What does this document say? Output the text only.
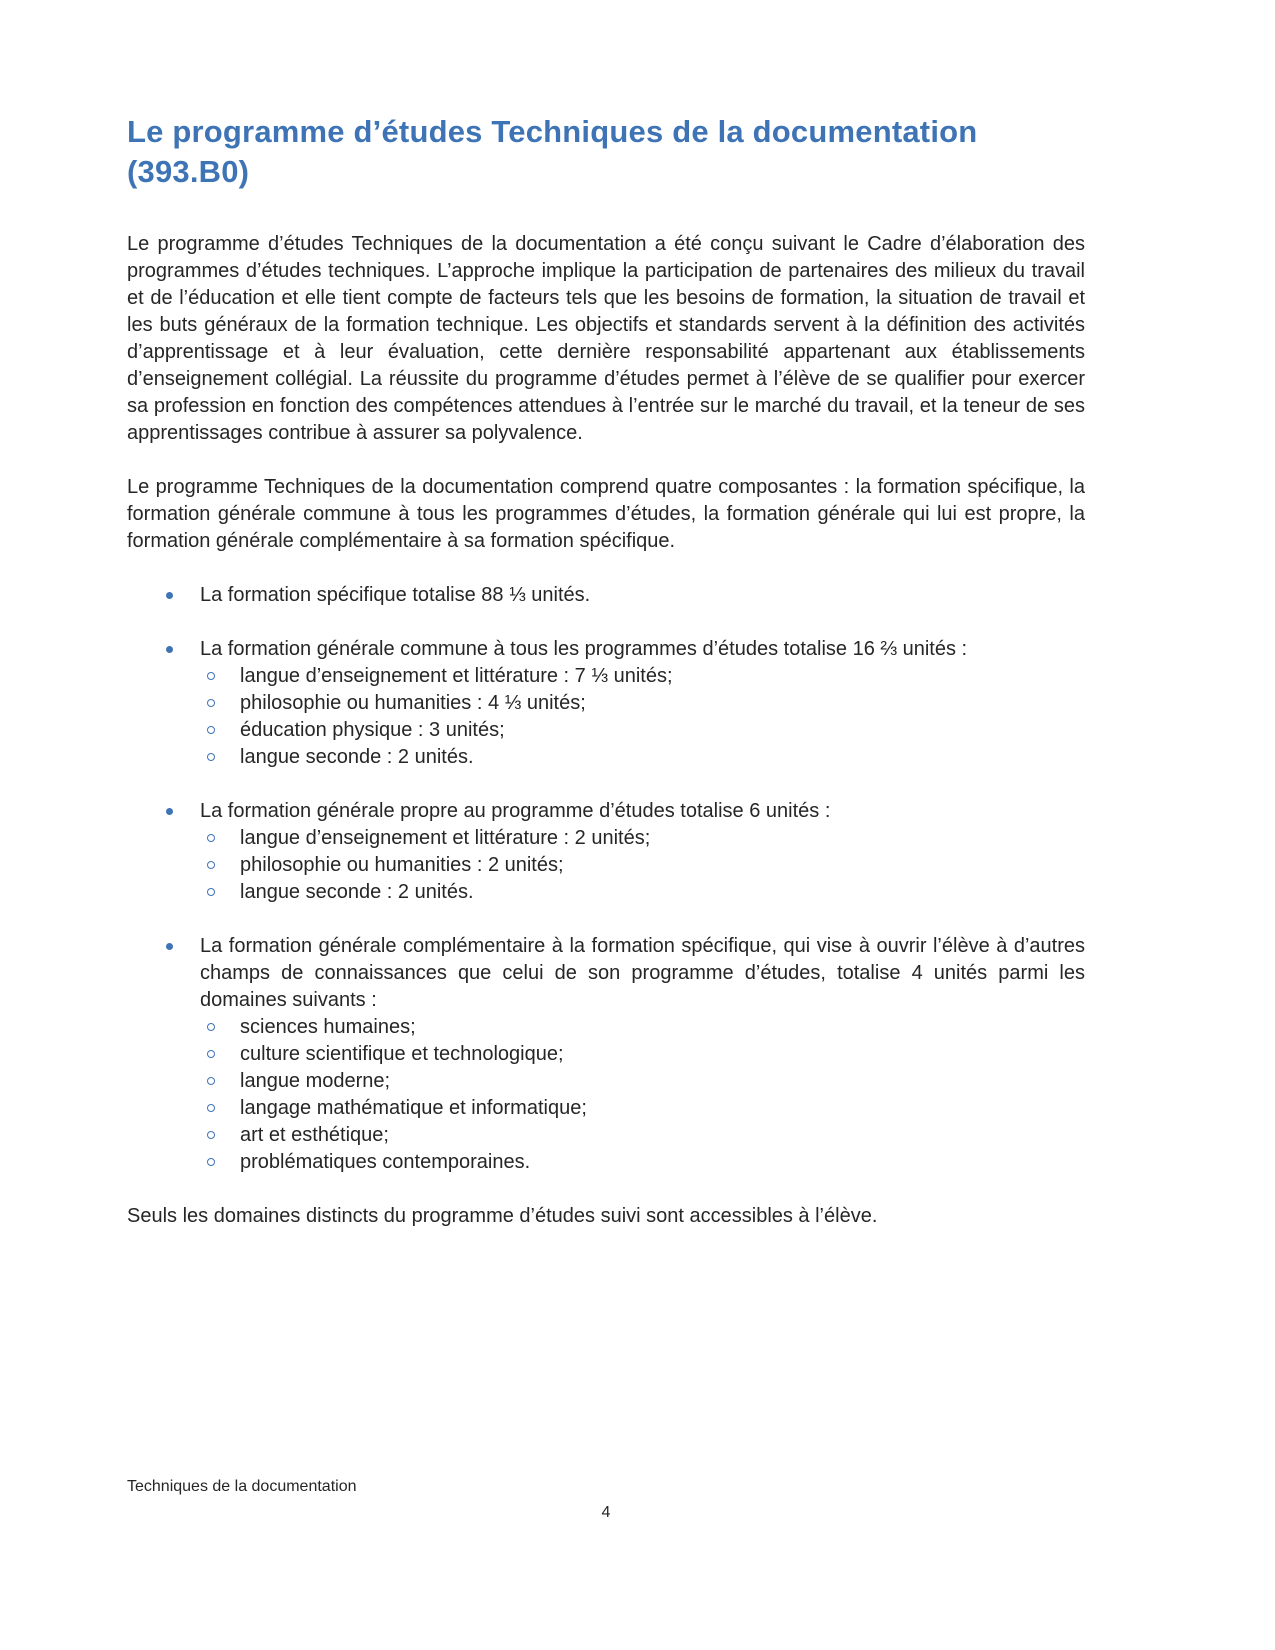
Le programme d’études Techniques de la documentation (393.B0)

Le programme d’études Techniques de la documentation a été conçu suivant le Cadre d’élaboration des programmes d’études techniques. L’approche implique la participation de partenaires des milieux du travail et de l’éducation et elle tient compte de facteurs tels que les besoins de formation, la situation de travail et les buts généraux de la formation technique. Les objectifs et standards servent à la définition des activités d’apprentissage et à leur évaluation, cette dernière responsabilité appartenant aux établissements d’enseignement collégial. La réussite du programme d’études permet à l’élève de se qualifier pour exercer sa profession en fonction des compétences attendues à l’entrée sur le marché du travail, et la teneur de ses apprentissages contribue à assurer sa polyvalence.

Le programme Techniques de la documentation comprend quatre composantes : la formation spécifique, la formation générale commune à tous les programmes d’études, la formation générale qui lui est propre, la formation générale complémentaire à sa formation spécifique.

La formation spécifique totalise 88 ⅓ unités.
La formation générale commune à tous les programmes d’études totalise 16 ⅔ unités :
langue d’enseignement et littérature : 7 ⅓ unités;
philosophie ou humanities : 4 ⅓ unités;
éducation physique : 3 unités;
langue seconde : 2 unités.
La formation générale propre au programme d’études totalise 6 unités :
langue d’enseignement et littérature : 2 unités;
philosophie ou humanities : 2 unités;
langue seconde : 2 unités.
La formation générale complémentaire à la formation spécifique, qui vise à ouvrir l’élève à d’autres champs de connaissances que celui de son programme d’études, totalise 4 unités parmi les domaines suivants :
sciences humaines;
culture scientifique et technologique;
langue moderne;
langage mathématique et informatique;
art et esthétique;
problématiques contemporaines.

Seuls les domaines distincts du programme d’études suivi sont accessibles à l’élève.

Techniques de la documentation
4
